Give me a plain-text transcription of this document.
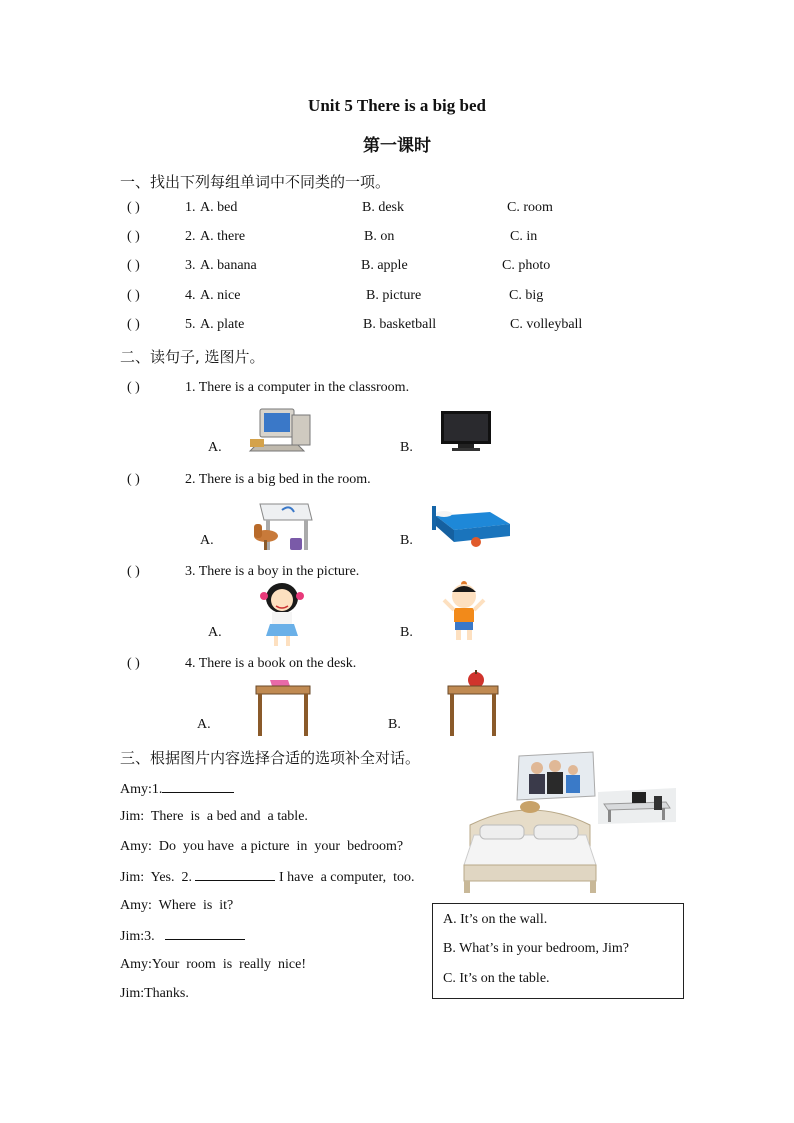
Unit 5 There is a big bed
第一课时
一、找出下列每组单词中不同类的一项。
( )	1. A. bed	B. desk	C. room
( )	2. A. there	B. on	C. in
( )	3. A. banana	B. apple	C. photo
( )	4. A. nice	B. picture	C. big
( )	5. A. plate	B. basketball	C. volleyball
二、读句子, 选图片。
( )	1. There is a computer in the classroom.
A.	B.
( )	2. There is a big bed in the room.
A.	B.
( )	3. There is a boy in the picture.
A.	B.
( )	4. There is a book on the desk.
A.	B.
三、根据图片内容选择合适的选项补全对话。
Amy:1.
Jim:  There  is  a bed and  a table.
Amy:  Do  you have  a picture  in  your  bedroom?
Jim:  Yes.  2.	I have  a computer,  too.
Amy:  Where  is  it?
Jim:3.
Amy:Your  room  is  really  nice!
Jim:Thanks.
A. It’s on the wall.
B. What’s in your bedroom, Jim?
C. It’s on the table.
